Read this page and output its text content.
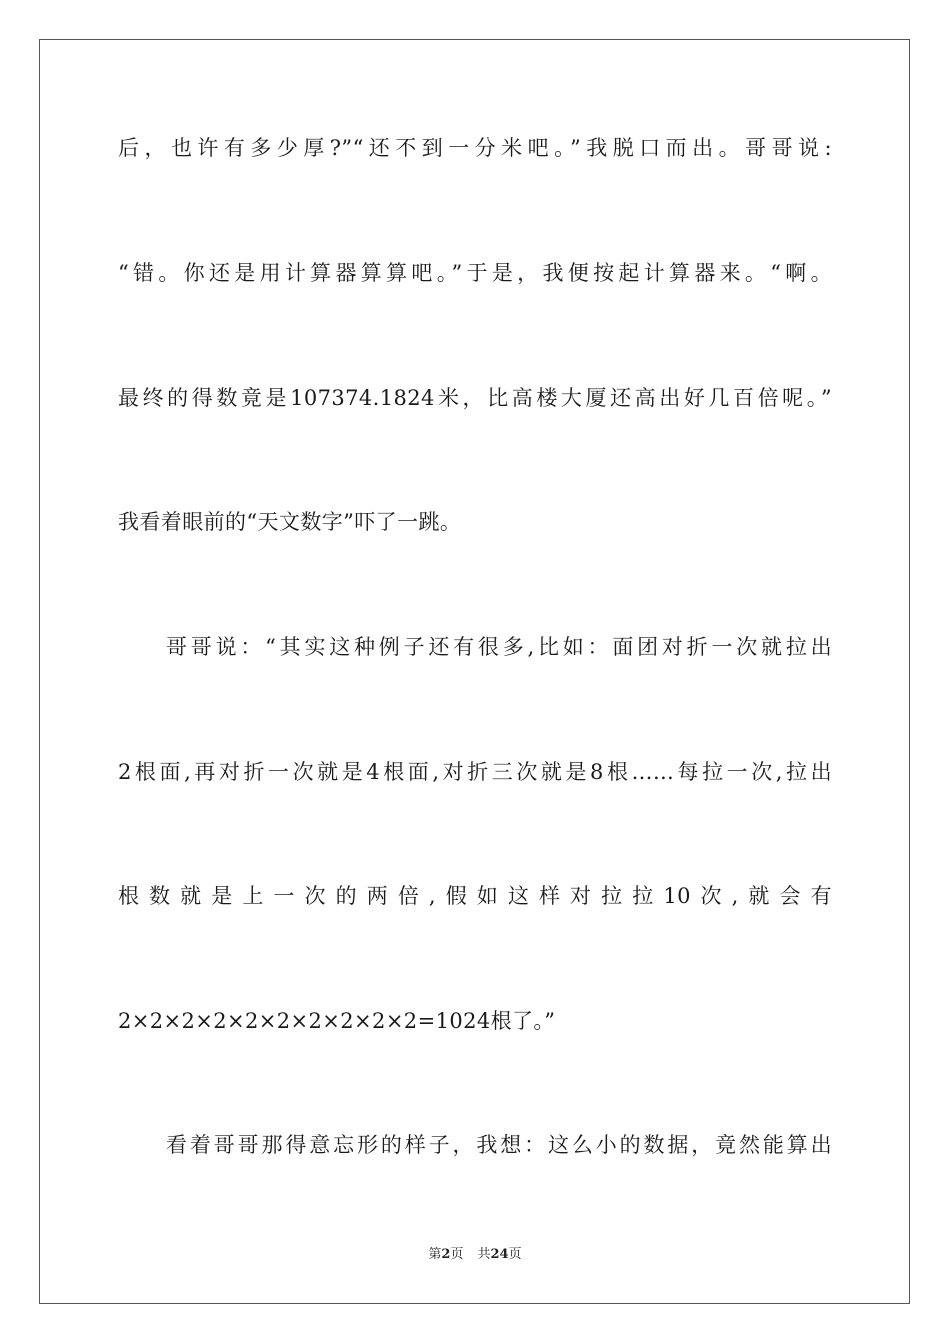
后，也许有多少厚?”“还不到一分米吧。”我脱口而出。哥哥说:
“错。你还是用计算器算算吧。”于是，我便按起计算器来。“啊。
最终的得数竟是107374.1824米，比高楼大厦还高出好几百倍呢。”
我看着眼前的“天文数字”吓了一跳。
哥哥说：“其实这种例子还有很多,比如：面团对折一次就拉出
2根面,再对折一次就是4根面,对折三次就是8根……每拉一次,拉出
根数就是上一次的两倍,假如这样对拉拉10次,就会有
2×2×2×2×2×2×2×2×2×2=1024根了。”
看着哥哥那得意忘形的样子，我想：这么小的数据，竟然能算出
第2页 共24页
